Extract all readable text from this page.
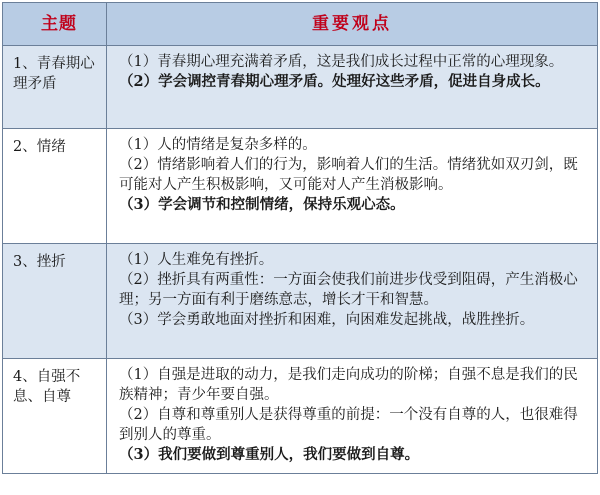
主题	重要观点
1、青春期心理矛盾	（1）青春期心理充满着矛盾，这是我们成长过程中正常的心理现象。

（2）学会调控青春期心理矛盾。处理好这些矛盾，促进自身成长。

2、情绪	（1）人的情绪是复杂多样的。

（2）情绪影响着人们的行为，影响着人们的生活。情绪犹如双刃剑，既可能对人产生积极影响，又可能对人产生消极影响。

（3）学会调节和控制情绪，保持乐观心态。

3、挫折	（1）人生难免有挫折。

（2）挫折具有两重性：一方面会使我们前进步伐受到阻碍，产生消极心理；另一方面有利于磨练意志，增长才干和智慧。

（3）学会勇敢地面对挫折和困难，向困难发起挑战，战胜挫折。

4、自强不息、自尊	（1）自强是进取的动力，是我们走向成功的阶梯；自强不息是我们的民族精神；青少年要自强。

（2）自尊和尊重别人是获得尊重的前提：一个没有自尊的人，也很难得到别人的尊重。

（3）我们要做到尊重别人，我们要做到自尊。
